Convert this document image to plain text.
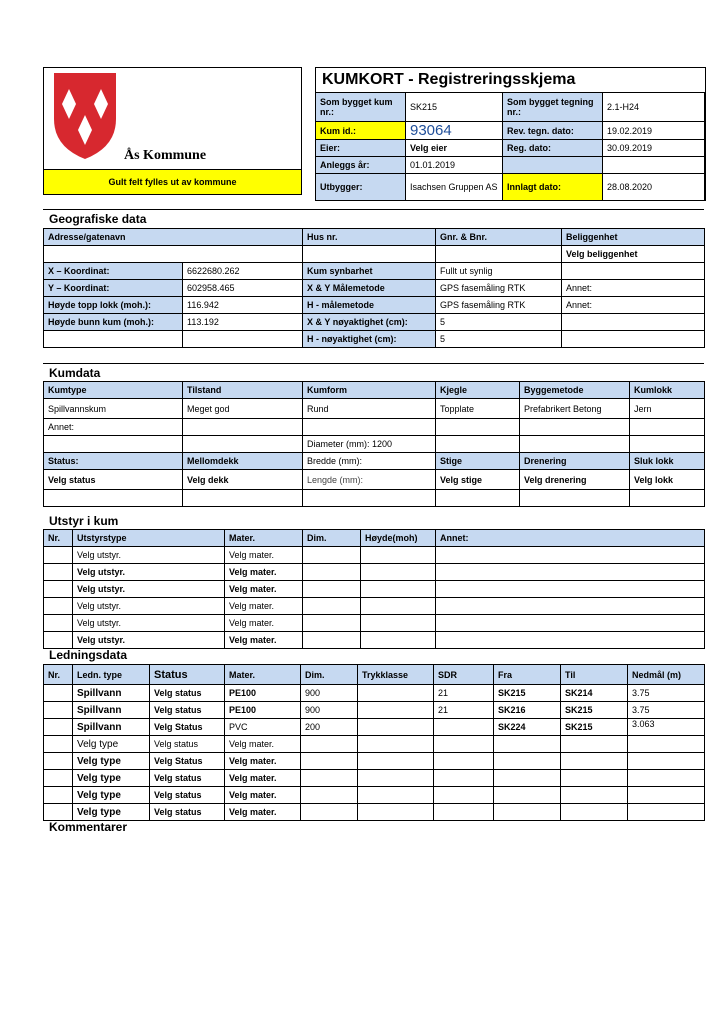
Ås Kommune
Gult felt fylles ut av kommune
KUMKORT - Registreringsskjema
Som bygget kum nr.:	SK215	Som bygget tegning nr.:	2.1-H24
Kum id.:	93064	Rev. tegn. dato:	19.02.2019
Eier:	Velg eier	Reg. dato:	30.09.2019
Anleggs år:	01.01.2019		
Utbygger:	Isachsen Gruppen AS	Innlagt dato:	28.08.2020
Geografiske data
Adresse/gatenavn		Hus nr.	Gnr. & Bnr.	Beliggenhet
				Velg beliggenhet
X – Koordinat:	6622680.262	Kum synbarhet	Fullt ut synlig	
Y – Koordinat:	602958.465	X & Y Målemetode	GPS fasemåling RTK	Annet:
Høyde topp lokk (moh.):	116.942	H - målemetode	GPS fasemåling RTK	Annet:
Høyde bunn kum (moh.):	113.192	X & Y nøyaktighet (cm):	5	
		H - nøyaktighet (cm):	5	
Kumdata
Kumtype	Tilstand	Kumform	Kjegle	Byggemetode	Kumlokk
Spillvannskum	Meget god	Rund	Topplate	Prefabrikert Betong	Jern
Annet:					
		Diameter (mm): 1200			
Status:	Mellomdekk	Bredde (mm):	Stige	Drenering	Sluk lokk
Velg status	Velg dekk	Lengde (mm):	Velg stige	Velg drenering	Velg lokk

Utstyr i kum
Nr.	Utstyrstype	Mater.	Dim.	Høyde(moh)	Annet:
	Velg utstyr.	Velg mater.			
	Velg utstyr.	Velg mater.			
	Velg utstyr.	Velg mater.			
	Velg utstyr.	Velg mater.			
	Velg utstyr.	Velg mater.			
	Velg utstyr.	Velg mater.			
Ledningsdata
Nr.	Ledn. type	Status	Mater.	Dim.	Trykklasse	SDR	Fra	Til	Nedmål (m)
	Spillvann	Velg status	PE100	900		21	SK215	SK214	3.75
	Spillvann	Velg status	PE100	900		21	SK216	SK215	3.75
	Spillvann	Velg Status	PVC	200			SK224	SK215	3.063
	Velg type	Velg status	Velg mater.						
	Velg type	Velg Status	Velg mater.						
	Velg type	Velg status	Velg mater.						
	Velg type	Velg status	Velg mater.						
	Velg type	Velg status	Velg mater.						
Kommentarer
